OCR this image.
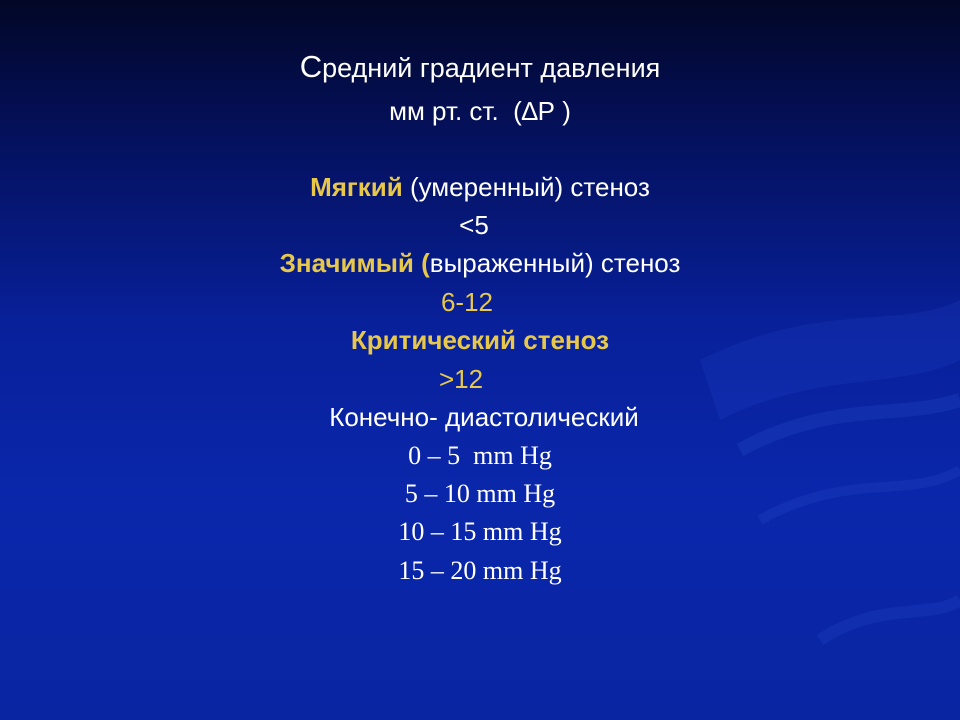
Средний градиент давления
мм рт. ст.  (∆Р )
Мягкий (умеренный) стеноз
<5
Значимый (выраженный) стеноз
6-12
Критический стеноз
>12
Конечно- диастолический
0 – 5  mm Hg
5 – 10 mm Hg
10 – 15 mm Hg
15 – 20 mm Hg
